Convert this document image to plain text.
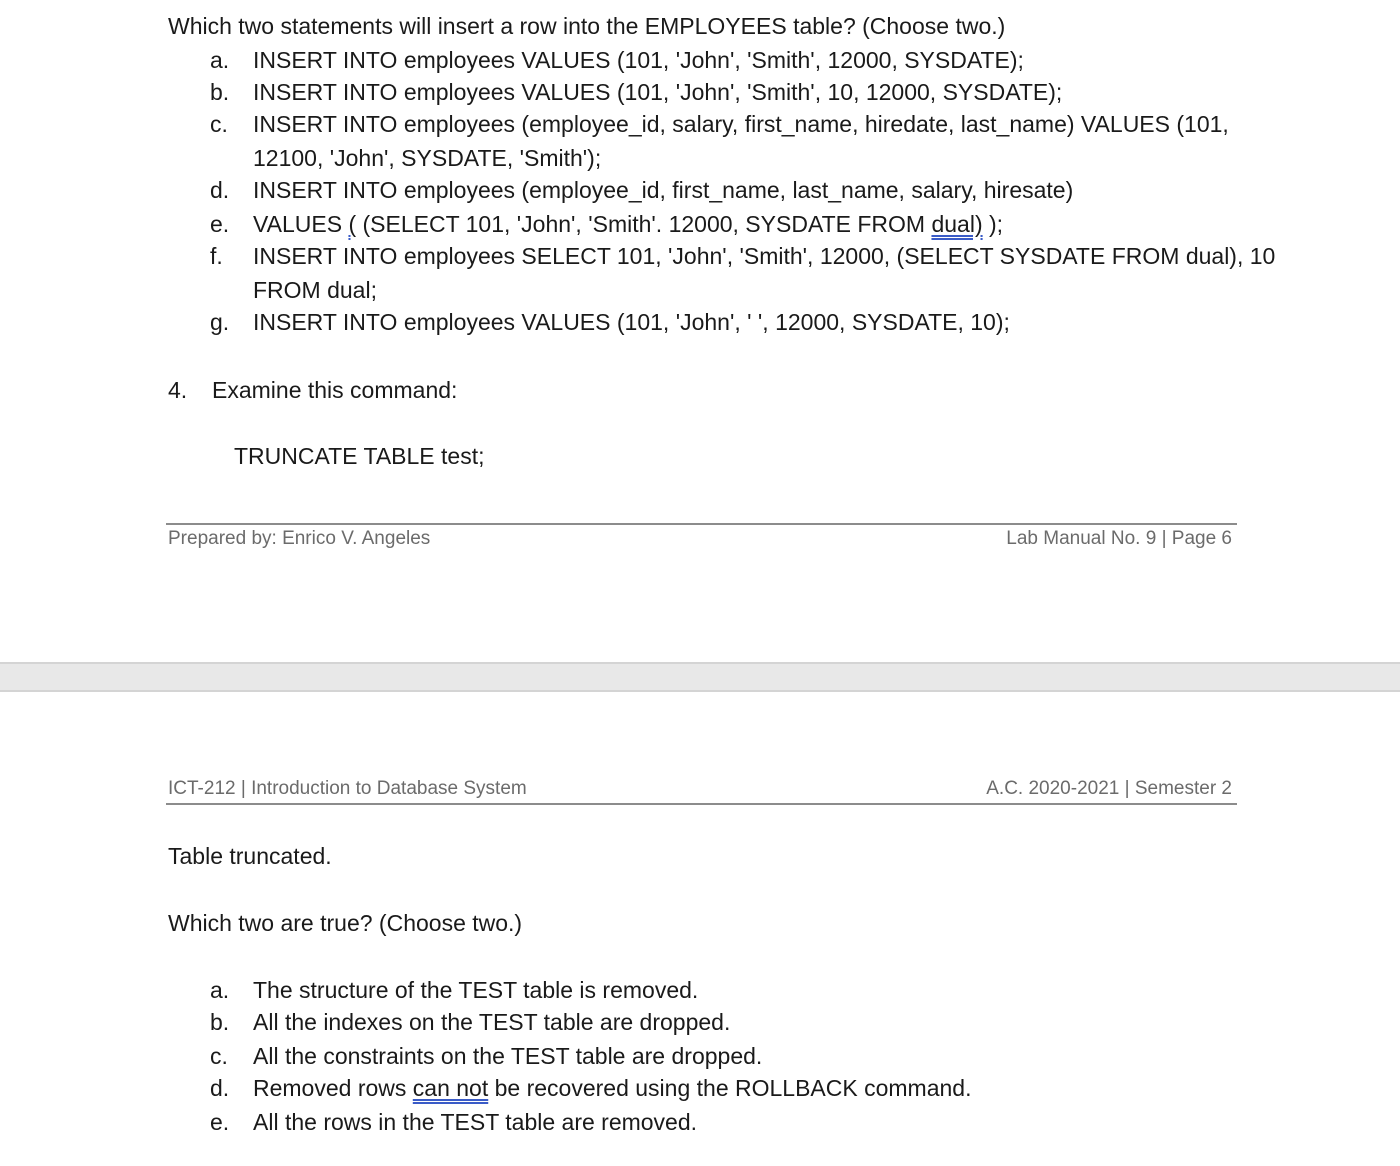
Which two statements will insert a row into the EMPLOYEES table? (Choose two.)
a.	INSERT INTO employees VALUES (101, 'John', 'Smith', 12000, SYSDATE);
b.	INSERT INTO employees VALUES (101, 'John', 'Smith', 10, 12000, SYSDATE);
c.	INSERT INTO employees (employee_id, salary, first_name, hiredate, last_name) VALUES (101,
12100, 'John', SYSDATE, 'Smith');
d.	INSERT INTO employees (employee_id, first_name, last_name, salary, hiresate)
e.	VALUES ( (SELECT 101, 'John', 'Smith'. 12000, SYSDATE FROM dual) );
f.	INSERT INTO employees SELECT 101, 'John', 'Smith', 12000, (SELECT SYSDATE FROM dual), 10
FROM dual;
g.	INSERT INTO employees VALUES (101, 'John', ' ', 12000, SYSDATE, 10);
4. Examine this command:
TRUNCATE TABLE test;
Prepared by: Enrico V. Angeles	Lab Manual No. 9 | Page 6
ICT-212 | Introduction to Database System	A.C. 2020-2021 | Semester 2
Table truncated.
Which two are true? (Choose two.)
a.	The structure of the TEST table is removed.
b.	All the indexes on the TEST table are dropped.
c.	All the constraints on the TEST table are dropped.
d.	Removed rows can not be recovered using the ROLLBACK command.
e.	All the rows in the TEST table are removed.
